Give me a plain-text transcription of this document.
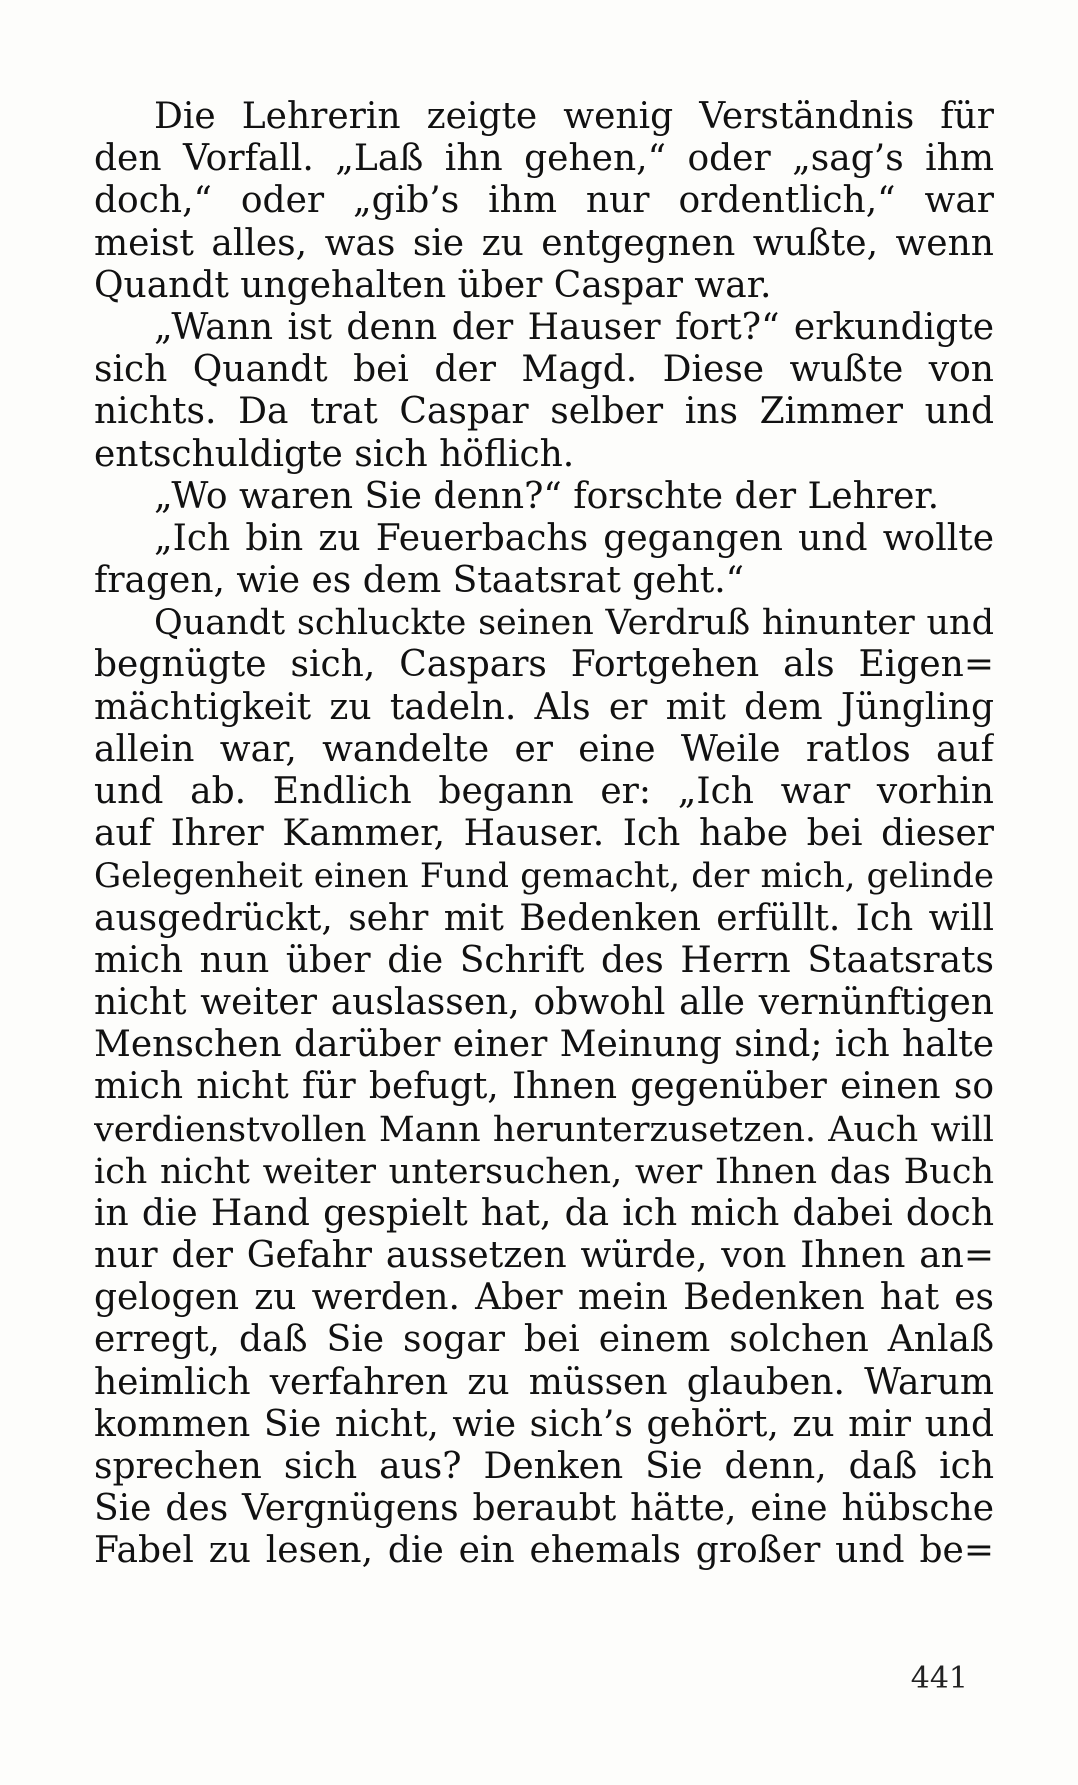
Die Lehrerin zeigte wenig Verständnis für
den Vorfall. „Laß ihn gehen,“ oder „sag’s ihm
doch,“ oder „gib’s ihm nur ordentlich,“ war
meist alles, was sie zu entgegnen wußte, wenn
Quandt ungehalten über Caspar war.
„Wann ist denn der Hauser fort?“ erkundigte
sich Quandt bei der Magd. Diese wußte von
nichts. Da trat Caspar selber ins Zimmer und
entschuldigte sich höflich.
„Wo waren Sie denn?“ forschte der Lehrer.
„Ich bin zu Feuerbachs gegangen und wollte
fragen, wie es dem Staatsrat geht.“
Quandt schluckte seinen Verdruß hinunter und
begnügte sich, Caspars Fortgehen als Eigen=
mächtigkeit zu tadeln. Als er mit dem Jüngling
allein war, wandelte er eine Weile ratlos auf
und ab. Endlich begann er: „Ich war vorhin
auf Ihrer Kammer, Hauser. Ich habe bei dieser
Gelegenheit einen Fund gemacht, der mich, gelinde
ausgedrückt, sehr mit Bedenken erfüllt. Ich will
mich nun über die Schrift des Herrn Staatsrats
nicht weiter auslassen, obwohl alle vernünftigen
Menschen darüber einer Meinung sind; ich halte
mich nicht für befugt, Ihnen gegenüber einen so
verdienstvollen Mann herunterzusetzen. Auch will
ich nicht weiter untersuchen, wer Ihnen das Buch
in die Hand gespielt hat, da ich mich dabei doch
nur der Gefahr aussetzen würde, von Ihnen an=
gelogen zu werden. Aber mein Bedenken hat es
erregt, daß Sie sogar bei einem solchen Anlaß
heimlich verfahren zu müssen glauben. Warum
kommen Sie nicht, wie sich’s gehört, zu mir und
sprechen sich aus? Denken Sie denn, daß ich
Sie des Vergnügens beraubt hätte, eine hübsche
Fabel zu lesen, die ein ehemals großer und be=
441
